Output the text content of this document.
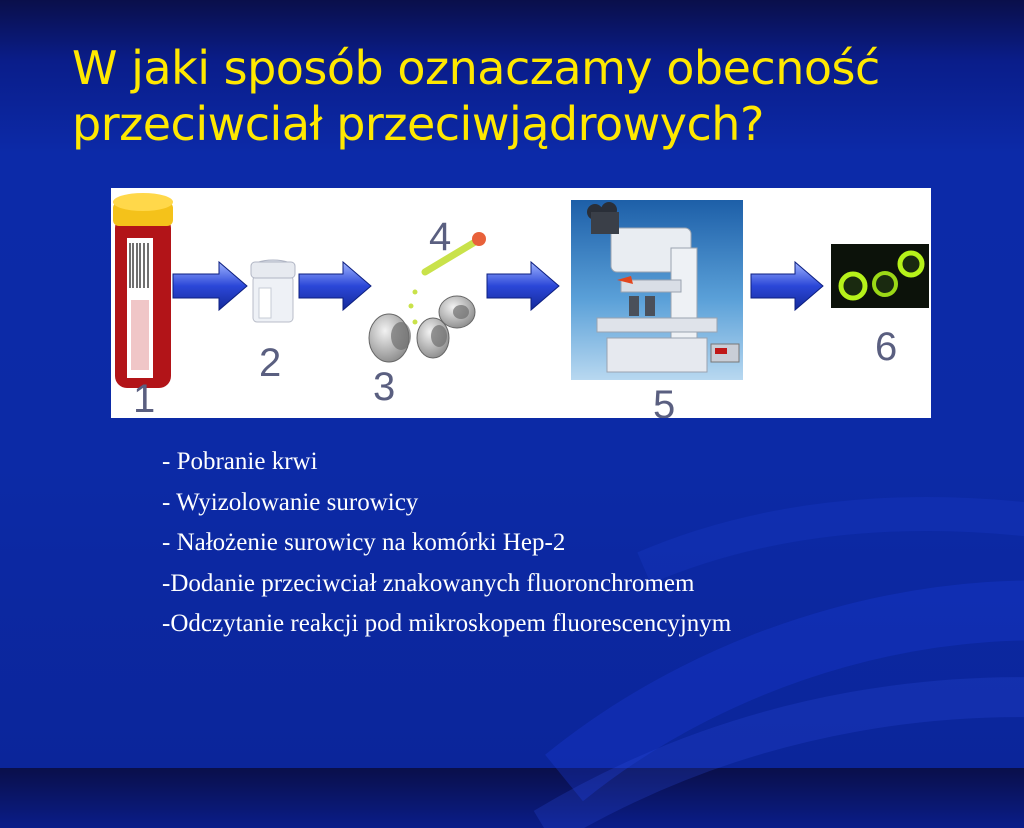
W jaki sposób oznaczamy obecność
przeciwciał przeciwjądrowych?
1
2
4
3	5
6
- Pobranie krwi
- Wyizolowanie surowicy
- Nałożenie surowicy na komórki Hep-2
-Dodanie przeciwciał znakowanych fluoronchromem
-Odczytanie reakcji pod mikroskopem fluorescencyjnym
